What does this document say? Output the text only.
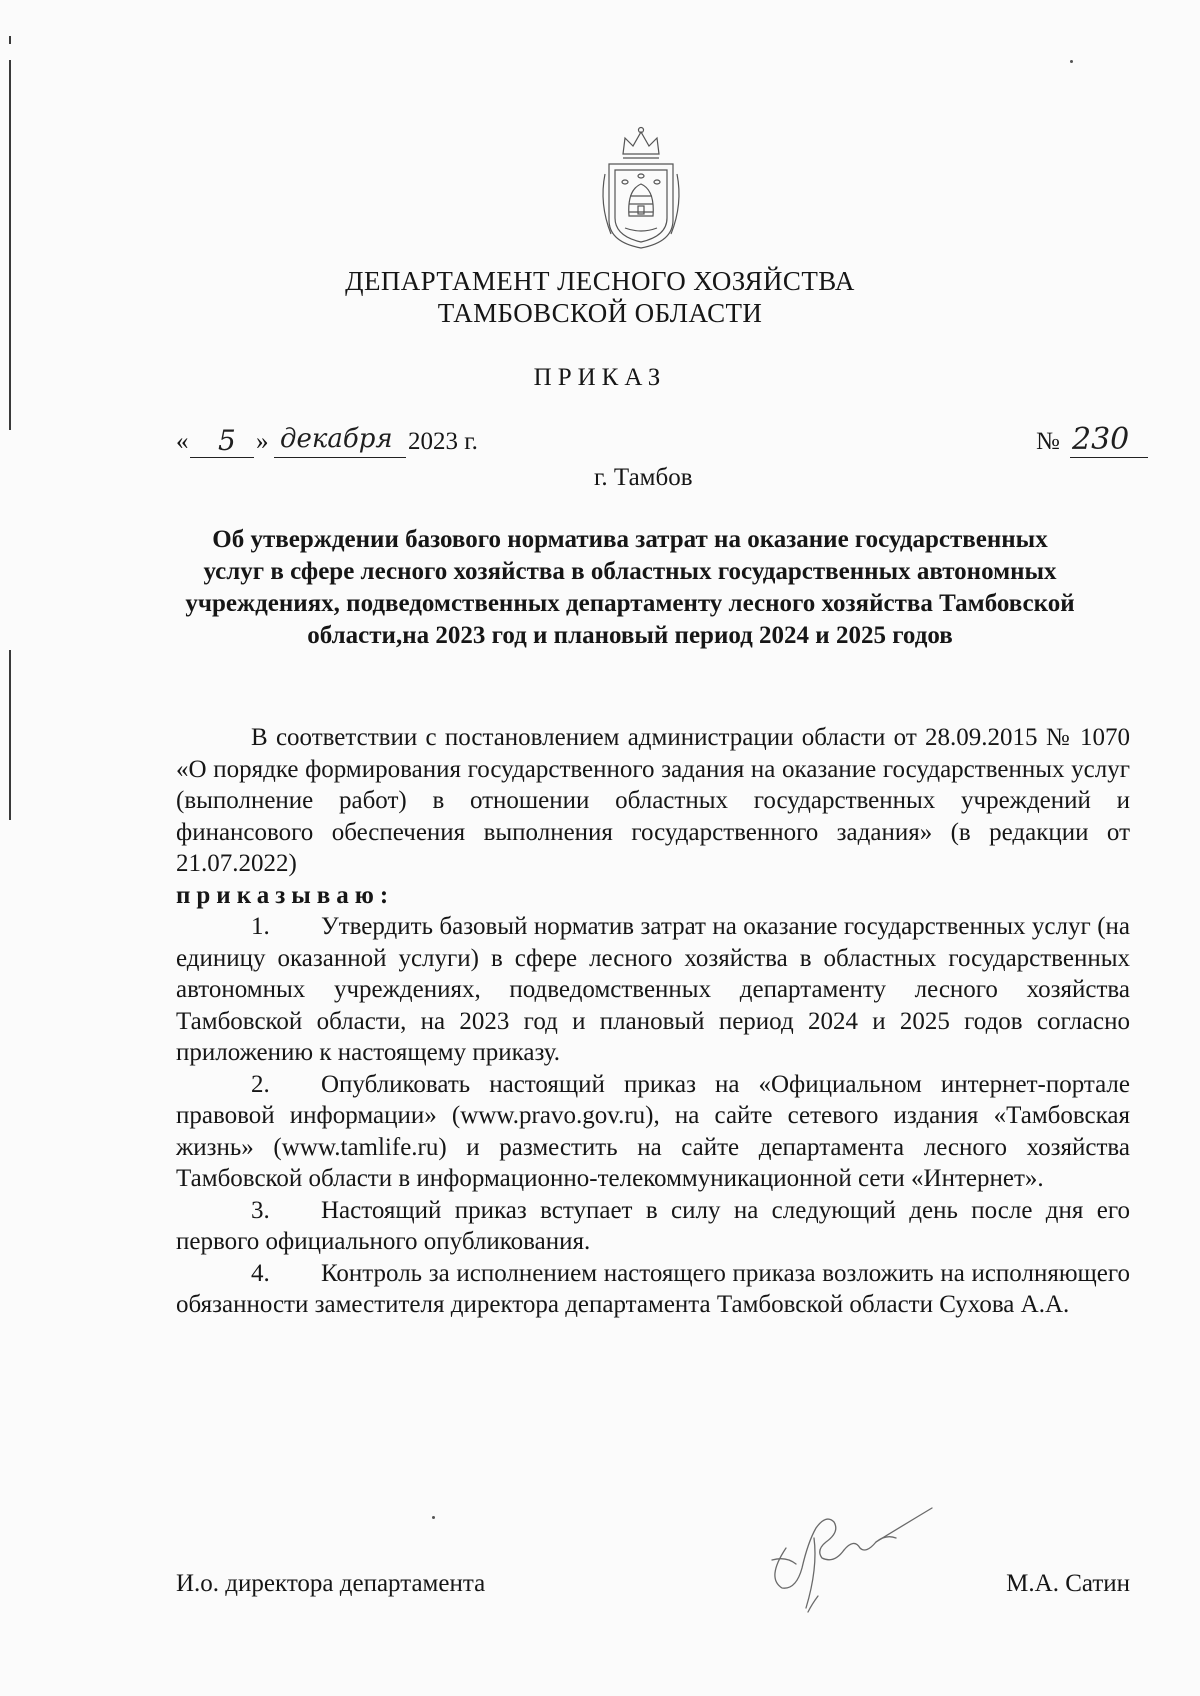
ДЕПАРТАМЕНТ ЛЕСНОГО ХОЗЯЙСТВА
ТАМБОВСКОЙ ОБЛАСТИ
ПРИКАЗ
« 5 » декабря 2023 г.	№ 230
г. Тамбов
Об утверждении базового норматива затрат на оказание государственных услуг в сфере лесного хозяйства в областных государственных автономных учреждениях, подведомственных департаменту лесного хозяйства Тамбовской области,на 2023 год и плановый период 2024 и 2025 годов

В соответствии с постановлением администрации области от 28.09.2015 № 1070 «О порядке формирования государственного задания на оказание государственных услуг (выполнение работ) в отношении областных государственных учреждений и финансового обеспечения выполнения государственного задания» (в редакции от 21.07.2022)

приказываю:

1. Утвердить базовый норматив затрат на оказание государственных услуг (на единицу оказанной услуги) в сфере лесного хозяйства в областных государственных автономных учреждениях, подведомственных департаменту лесного хозяйства Тамбовской области, на 2023 год и плановый период 2024 и 2025 годов согласно приложению к настоящему приказу.

2. Опубликовать настоящий приказ на «Официальном интернет-портале правовой информации» (www.pravo.gov.ru), на сайте сетевого издания «Тамбовская жизнь» (www.tamlife.ru) и разместить на сайте департамента лесного хозяйства Тамбовской области в информационно-телекоммуникационной сети «Интернет».

3. Настоящий приказ вступает в силу на следующий день после дня его первого официального опубликования.

4. Контроль за исполнением настоящего приказа возложить на исполняющего обязанности заместителя директора департамента Тамбовской области Сухова А.А.

И.о. директора департамента	М.А. Сатин
